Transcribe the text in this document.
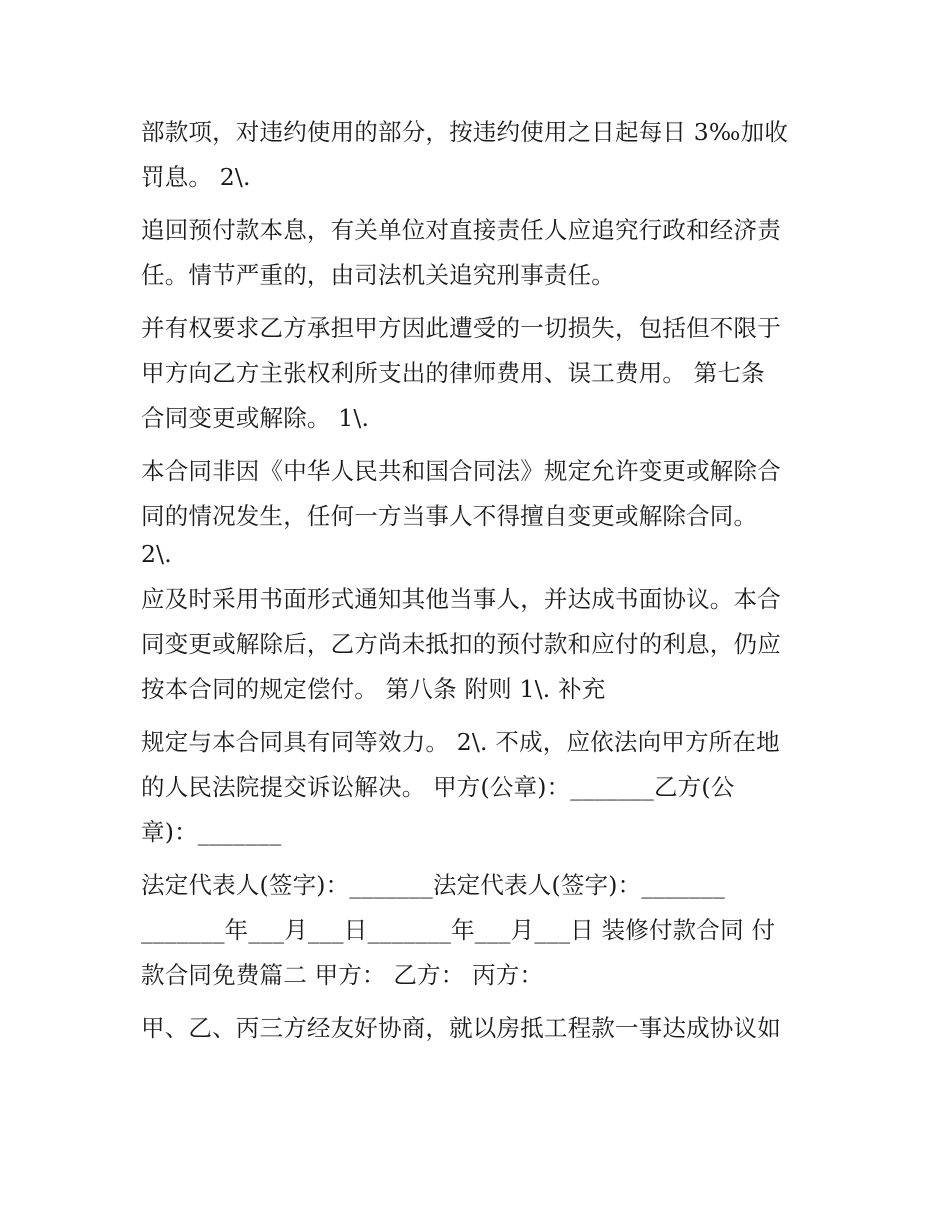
部款项，对违约使用的部分，按违约使用之日起每日 3‰加收
罚息。 2\.
追回预付款本息，有关单位对直接责任人应追究行政和经济责
任。情节严重的，由司法机关追究刑事责任。
并有权要求乙方承担甲方因此遭受的一切损失，包括但不限于
甲方向乙方主张权利所支出的律师费用、误工费用。 第七条
合同变更或解除。 1\.
本合同非因《中华人民共和国合同法》规定允许变更或解除合
同的情况发生，任何一方当事人不得擅自变更或解除合同。
2\.
应及时采用书面形式通知其他当事人，并达成书面协议。本合
同变更或解除后，乙方尚未抵扣的预付款和应付的利息，仍应
按本合同的规定偿付。 第八条 附则 1\. 补充
规定与本合同具有同等效力。 2\. 不成，应依法向甲方所在地
的人民法院提交诉讼解决。 甲方(公章)：_______乙方(公
章)：_______
法定代表人(签字)：_______法定代表人(签字)：_______
_______年___月___日_______年___月___日 装修付款合同 付
款合同免费篇二 甲方： 乙方： 丙方：
甲、乙、丙三方经友好协商，就以房抵工程款一事达成协议如
